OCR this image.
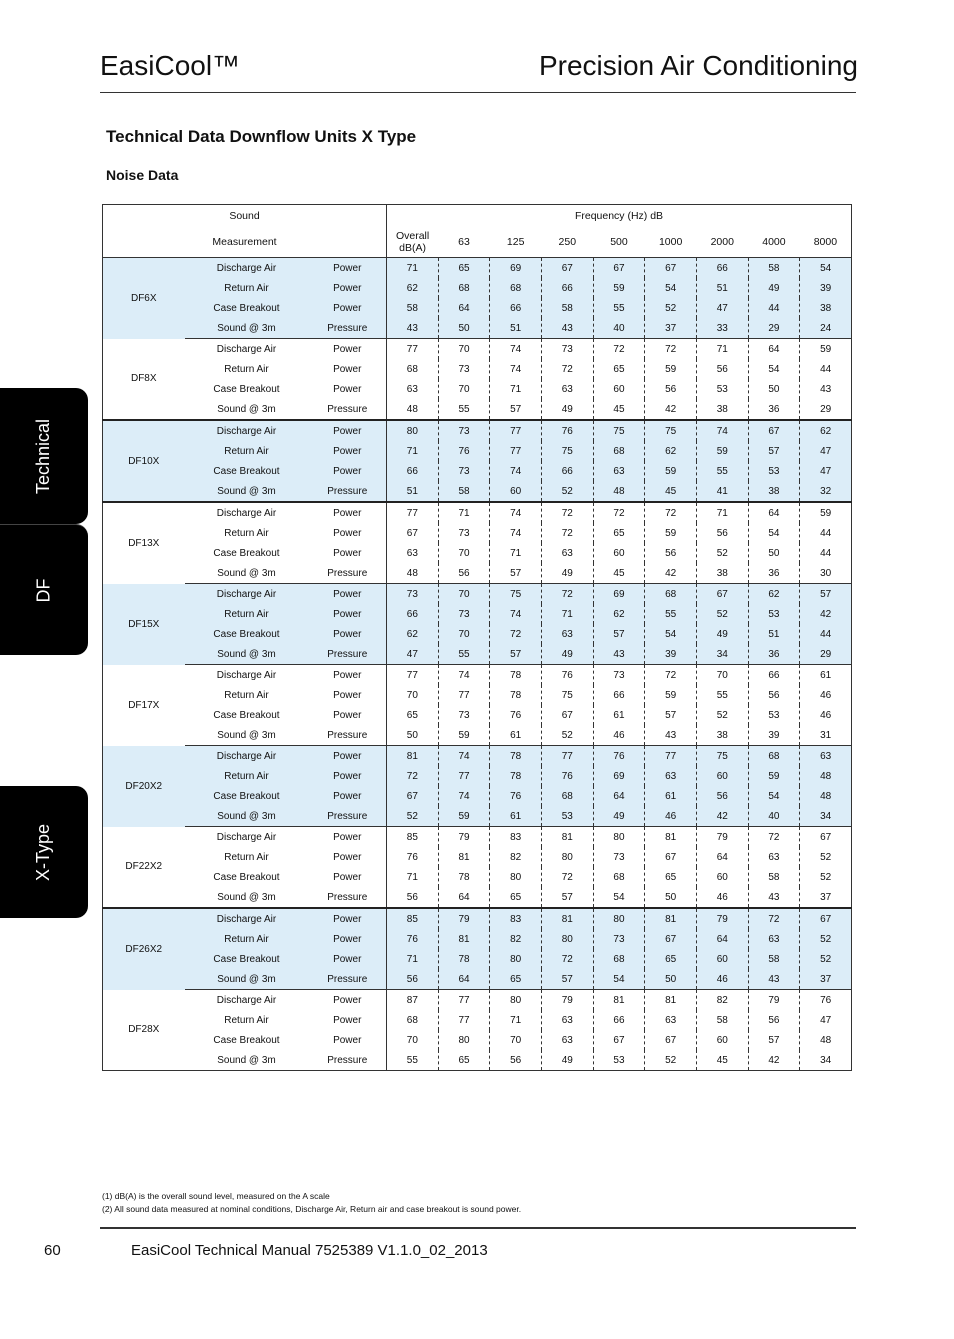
EasiCool™	Precision Air Conditioning
Technical Data Downflow Units X Type
Noise Data
Technical
DF
X-Type
Sound			Frequency (Hz) dB								
Measurement			Overall dB(A)	63	125	250	500	1000	2000	4000	8000
DF6X	Discharge Air	Power	71	65	69	67	67	67	66	58	54
	Return Air	Power	62	68	68	66	59	54	51	49	39
	Case Breakout	Power	58	64	66	58	55	52	47	44	38
	Sound @ 3m	Pressure	43	50	51	43	40	37	33	29	24
DF8X	Discharge Air	Power	77	70	74	73	72	72	71	64	59
	Return Air	Power	68	73	74	72	65	59	56	54	44
	Case Breakout	Power	63	70	71	63	60	56	53	50	43
	Sound @ 3m	Pressure	48	55	57	49	45	42	38	36	29
DF10X	Discharge Air	Power	80	73	77	76	75	75	74	67	62
	Return Air	Power	71	76	77	75	68	62	59	57	47
	Case Breakout	Power	66	73	74	66	63	59	55	53	47
	Sound @ 3m	Pressure	51	58	60	52	48	45	41	38	32
DF13X	Discharge Air	Power	77	71	74	72	72	72	71	64	59
	Return Air	Power	67	73	74	72	65	59	56	54	44
	Case Breakout	Power	63	70	71	63	60	56	52	50	44
	Sound @ 3m	Pressure	48	56	57	49	45	42	38	36	30
DF15X	Discharge Air	Power	73	70	75	72	69	68	67	62	57
	Return Air	Power	66	73	74	71	62	55	52	53	42
	Case Breakout	Power	62	70	72	63	57	54	49	51	44
	Sound @ 3m	Pressure	47	55	57	49	43	39	34	36	29
DF17X	Discharge Air	Power	77	74	78	76	73	72	70	66	61
	Return Air	Power	70	77	78	75	66	59	55	56	46
	Case Breakout	Power	65	73	76	67	61	57	52	53	46
	Sound @ 3m	Pressure	50	59	61	52	46	43	38	39	31
DF20X2	Discharge Air	Power	81	74	78	77	76	77	75	68	63
	Return Air	Power	72	77	78	76	69	63	60	59	48
	Case Breakout	Power	67	74	76	68	64	61	56	54	48
	Sound @ 3m	Pressure	52	59	61	53	49	46	42	40	34
DF22X2	Discharge Air	Power	85	79	83	81	80	81	79	72	67
	Return Air	Power	76	81	82	80	73	67	64	63	52
	Case Breakout	Power	71	78	80	72	68	65	60	58	52
	Sound @ 3m	Pressure	56	64	65	57	54	50	46	43	37
DF26X2	Discharge Air	Power	85	79	83	81	80	81	79	72	67
	Return Air	Power	76	81	82	80	73	67	64	63	52
	Case Breakout	Power	71	78	80	72	68	65	60	58	52
	Sound @ 3m	Pressure	56	64	65	57	54	50	46	43	37
DF28X	Discharge Air	Power	87	77	80	79	81	81	82	79	76
	Return Air	Power	68	77	71	63	66	63	58	56	47
	Case Breakout	Power	70	80	70	63	67	67	60	57	48
	Sound @ 3m	Pressure	55	65	56	49	53	52	45	42	34
(1) dB(A) is the overall sound level, measured on the A scale
(2) All sound data measured at nominal conditions, Discharge Air, Return air and case breakout is sound power.
60	EasiCool Technical Manual 7525389 V1.1.0_02_2013
